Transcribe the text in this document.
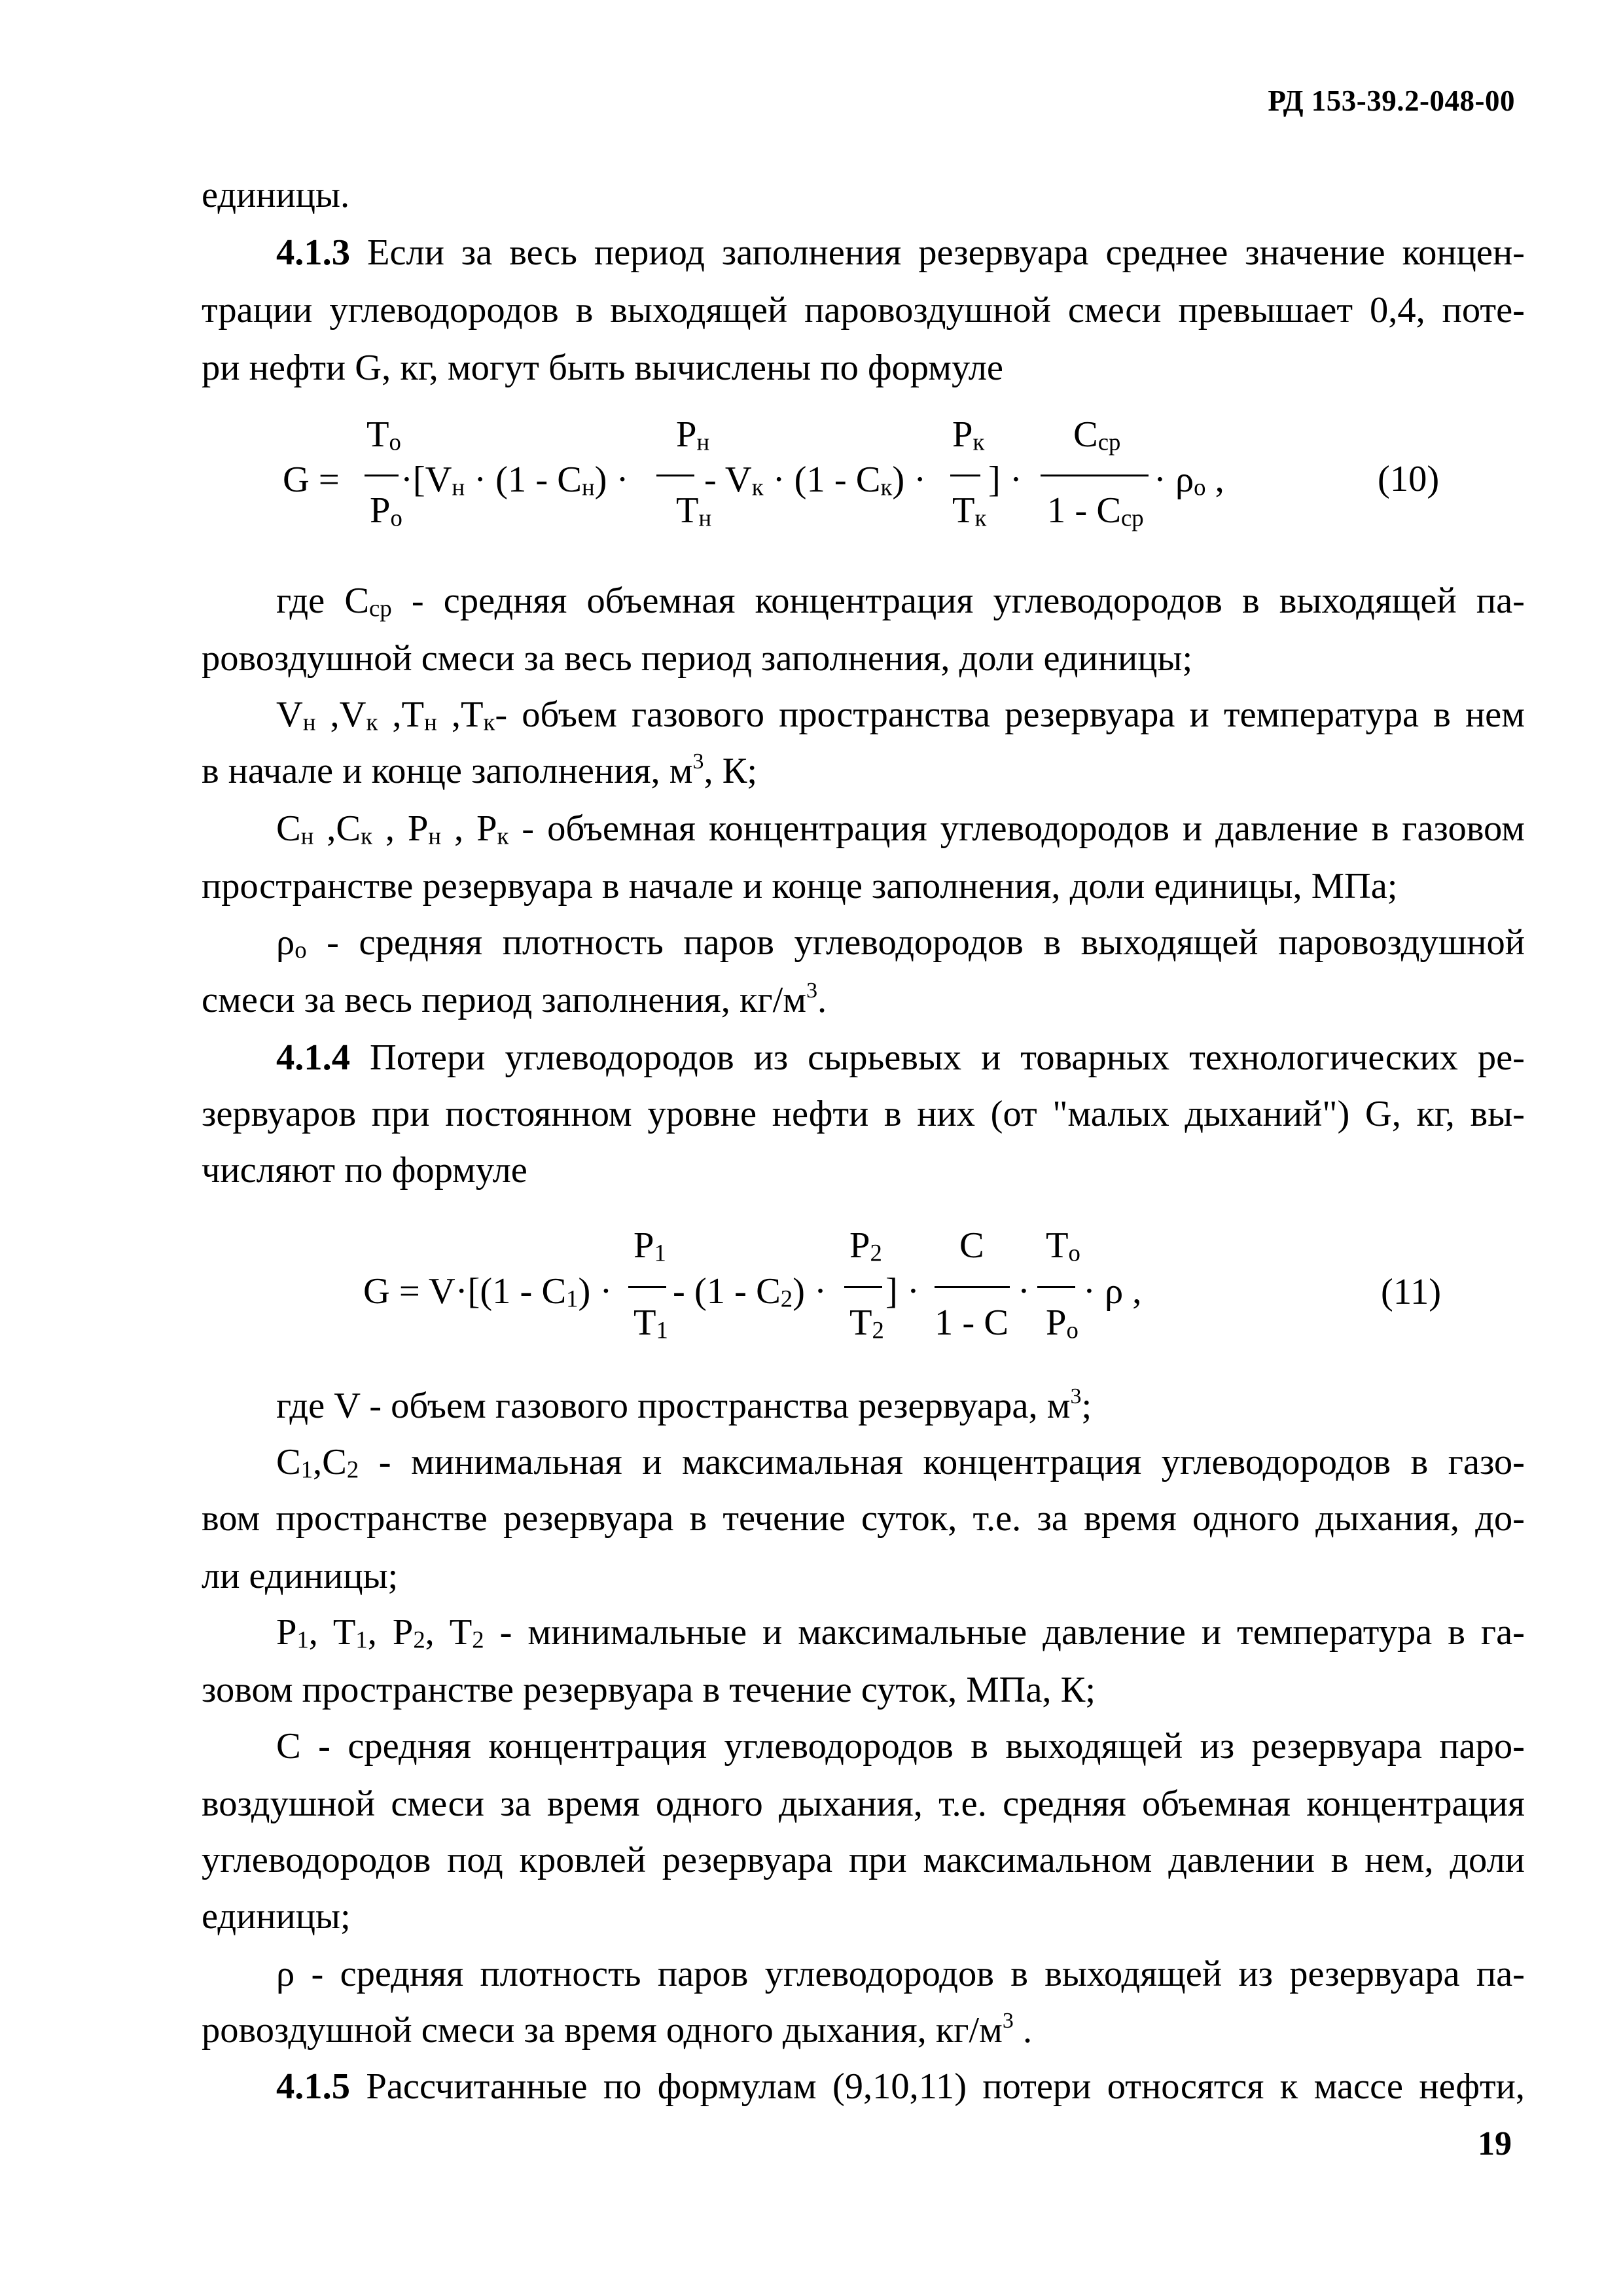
РД 153-39.2-048-00
единицы.
4.1.3 Если за весь период заполнения резервуара среднее значение концен-
трации углеводородов в выходящей паровоздушной смеси превышает 0,4, поте-
ри нефти G, кг, могут быть вычислены по формуле
G =
$T_о$
$P_о$
$\cdot[V_н \cdot (1 - C_н)$ ·
$P_н$
$T_н$
- $V_к \cdot (1 - C_к)$ ·
$P_к$
$T_к$
] ·
$C_{ср}$
$1 - C_{ср}$
· $\rho_о$ ,	(10)
где $C_{ср}$ - средняя объемная концентрация углеводородов в выходящей па-
ровоздушной смеси за весь период заполнения, доли единицы;
$V_н$ $,V_к$ $,T_н$ $,T_к-$ объем газового пространства резервуара и температура в нем
в начале и конце заполнения, $м^3$, К;
$C_н$ $,C_к$ , $P_н$ , $P_к$ - объемная концентрация углеводородов и давление в газовом
пространстве резервуара в начале и конце заполнения, доли единицы, МПа;
$\rho_о$ - средняя плотность паров углеводородов в выходящей паровоздушной
смеси за весь период заполнения, $кг/м^3$.
4.1.4 Потери углеводородов из сырьевых и товарных технологических ре-
зервуаров при постоянном уровне нефти в них (от "малых дыханий") G, кг, вы-
числяют по формуле
$G = V\cdot[(1 - C_1)$ ·
$P_1$
$T_1$
- $(1 - C_2)$ ·
$P_2$
$T_2$
] ·
C
1 - C
·
$T_о$
$P_о$
· ρ ,	(11)
где V - объем газового пространства резервуара, $м^3$;
$C_1,C_2$ - минимальная и максимальная концентрация углеводородов в газо-
вом пространстве резервуара в течение суток, т.е. за время одного дыхания, до-
ли единицы;
$P_1$, $T_1$, $P_2$, $T_2$ - минимальные и максимальные давление и температура в га-
зовом пространстве резервуара в течение суток, МПа, К;
С - средняя концентрация углеводородов в выходящей из резервуара паро-
воздушной смеси за время одного дыхания, т.е. средняя объемная концентрация
углеводородов под кровлей резервуара при максимальном давлении в нем, доли
единицы;
ρ - средняя плотность паров углеводородов в выходящей из резервуара па-
ровоздушной смеси за время одного дыхания, $кг/м^3$ .
4.1.5 Рассчитанные по формулам (9,10,11) потери относятся к массе нефти,
19
